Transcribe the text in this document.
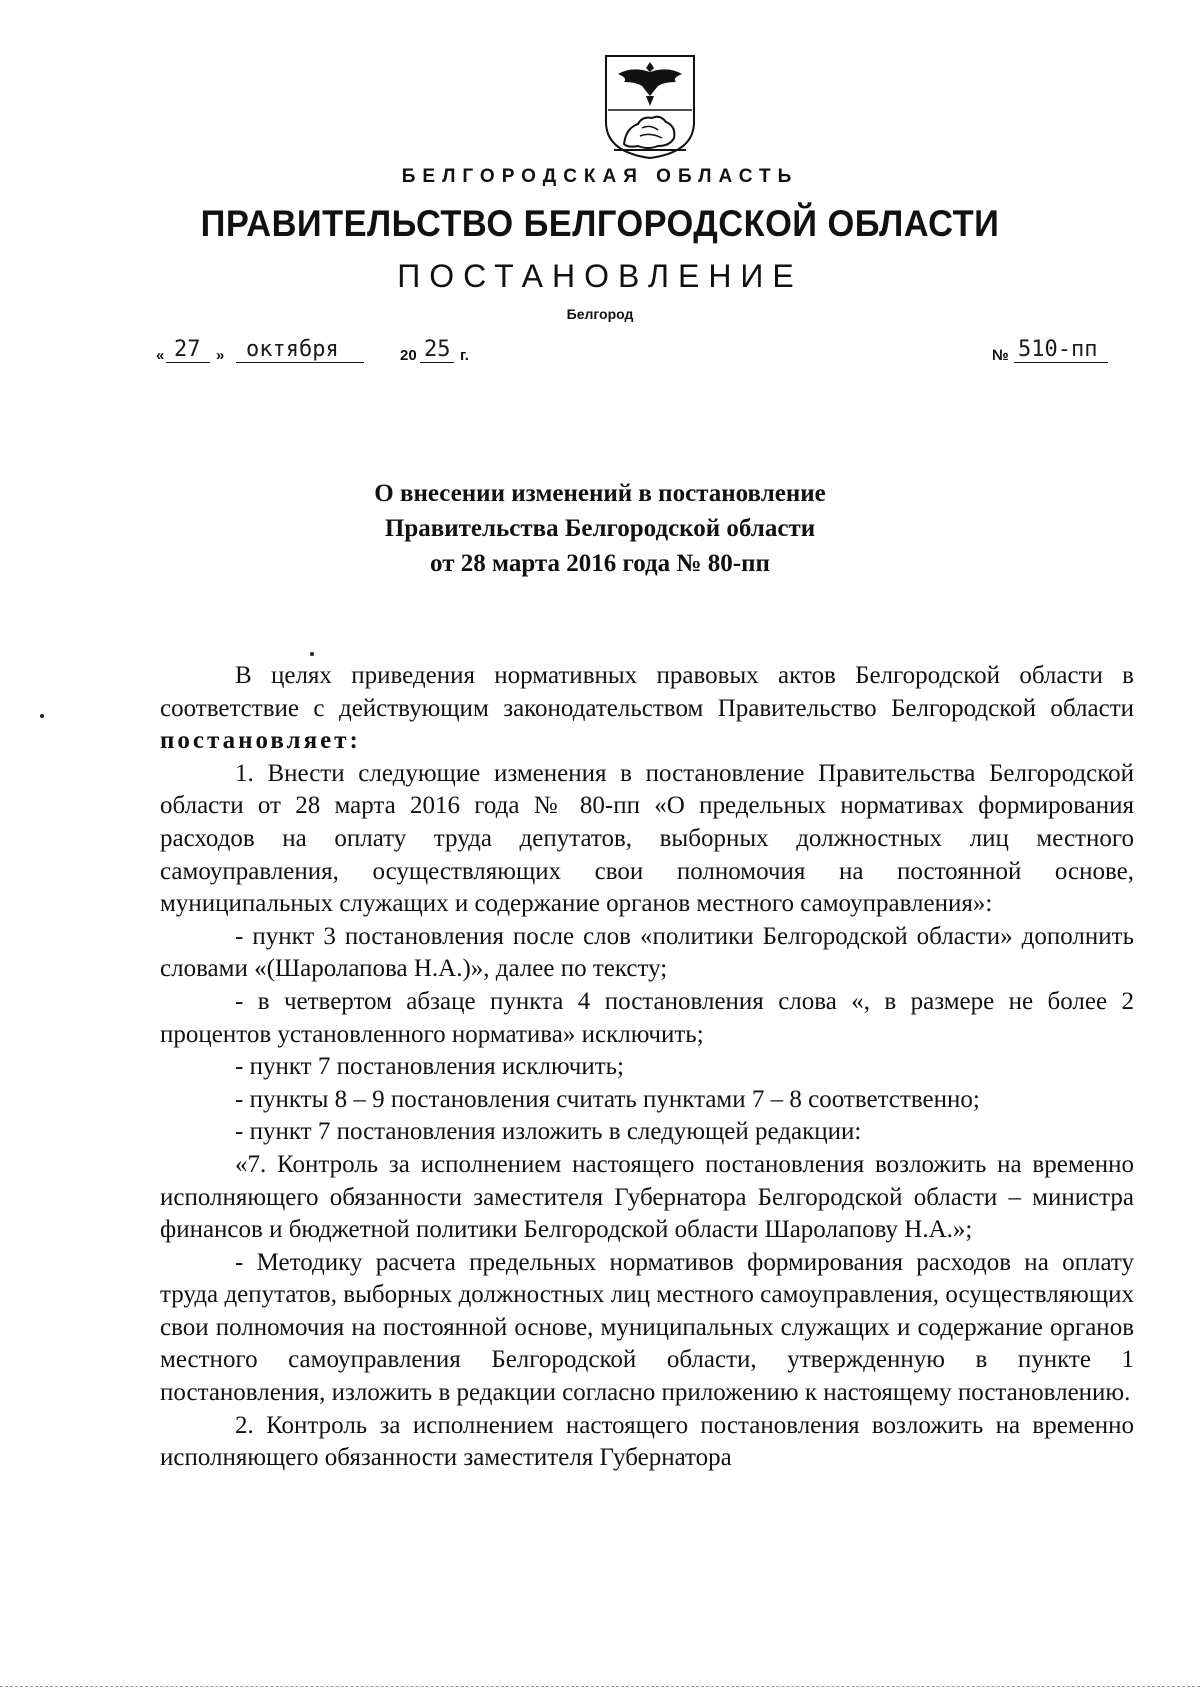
БЕЛГОРОДСКАЯ ОБЛАСТЬ
ПРАВИТЕЛЬСТВО БЕЛГОРОДСКОЙ ОБЛАСТИ
ПОСТАНОВЛЕНИЕ
Белгород
« 27 » октября	20 25 г.	№ 510-пп
О внесении изменений в постановление
Правительства Белгородской области
от 28 марта 2016 года № 80-пп

В целях приведения нормативных правовых актов Белгородской области в соответствие с действующим законодательством Правительство Белгородской области постановляет:

1. Внести следующие изменения в постановление Правительства Белгородской области от 28 марта 2016 года № 80-пп «О предельных нормативах формирования расходов на оплату труда депутатов, выборных должностных лиц местного самоуправления, осуществляющих свои полномочия на постоянной основе, муниципальных служащих и содержание органов местного самоуправления»:

- пункт 3 постановления после слов «политики Белгородской области» дополнить словами «(Шаролапова Н.А.)», далее по тексту;

- в четвертом абзаце пункта 4 постановления слова «, в размере не более 2 процентов установленного норматива» исключить;

- пункт 7 постановления исключить;

- пункты 8 – 9 постановления считать пунктами 7 – 8 соответственно;

- пункт 7 постановления изложить в следующей редакции:

«7. Контроль за исполнением настоящего постановления возложить на временно исполняющего обязанности заместителя Губернатора Белгородской области – министра финансов и бюджетной политики Белгородской области Шаролапову Н.А.»;

- Методику расчета предельных нормативов формирования расходов на оплату труда депутатов, выборных должностных лиц местного самоуправления, осуществляющих свои полномочия на постоянной основе, муниципальных служащих и содержание органов местного самоуправления Белгородской области, утвержденную в пункте 1 постановления, изложить в редакции согласно приложению к настоящему постановлению.

2. Контроль за исполнением настоящего постановления возложить на временно исполняющего обязанности заместителя Губернатора
